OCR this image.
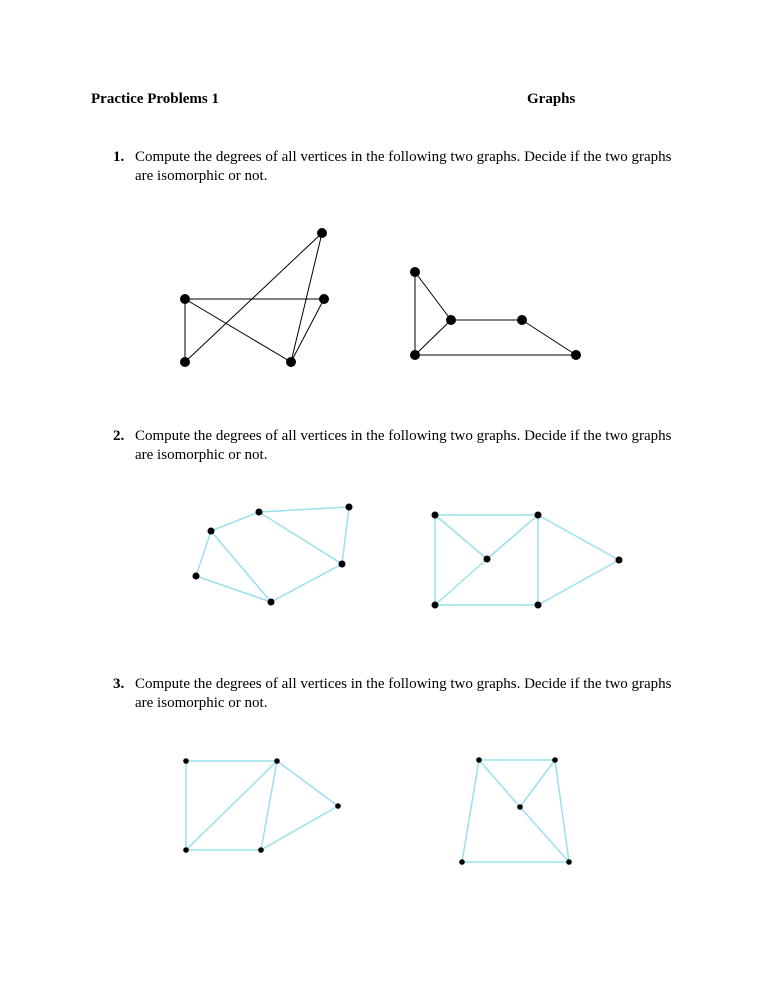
Practice Problems 1	Graphs
1. Compute the degrees of all vertices in the following two graphs. Decide if the two graphs are isomorphic or not.
2. Compute the degrees of all vertices in the following two graphs. Decide if the two graphs are isomorphic or not.
3. Compute the degrees of all vertices in the following two graphs. Decide if the two graphs are isomorphic or not.
